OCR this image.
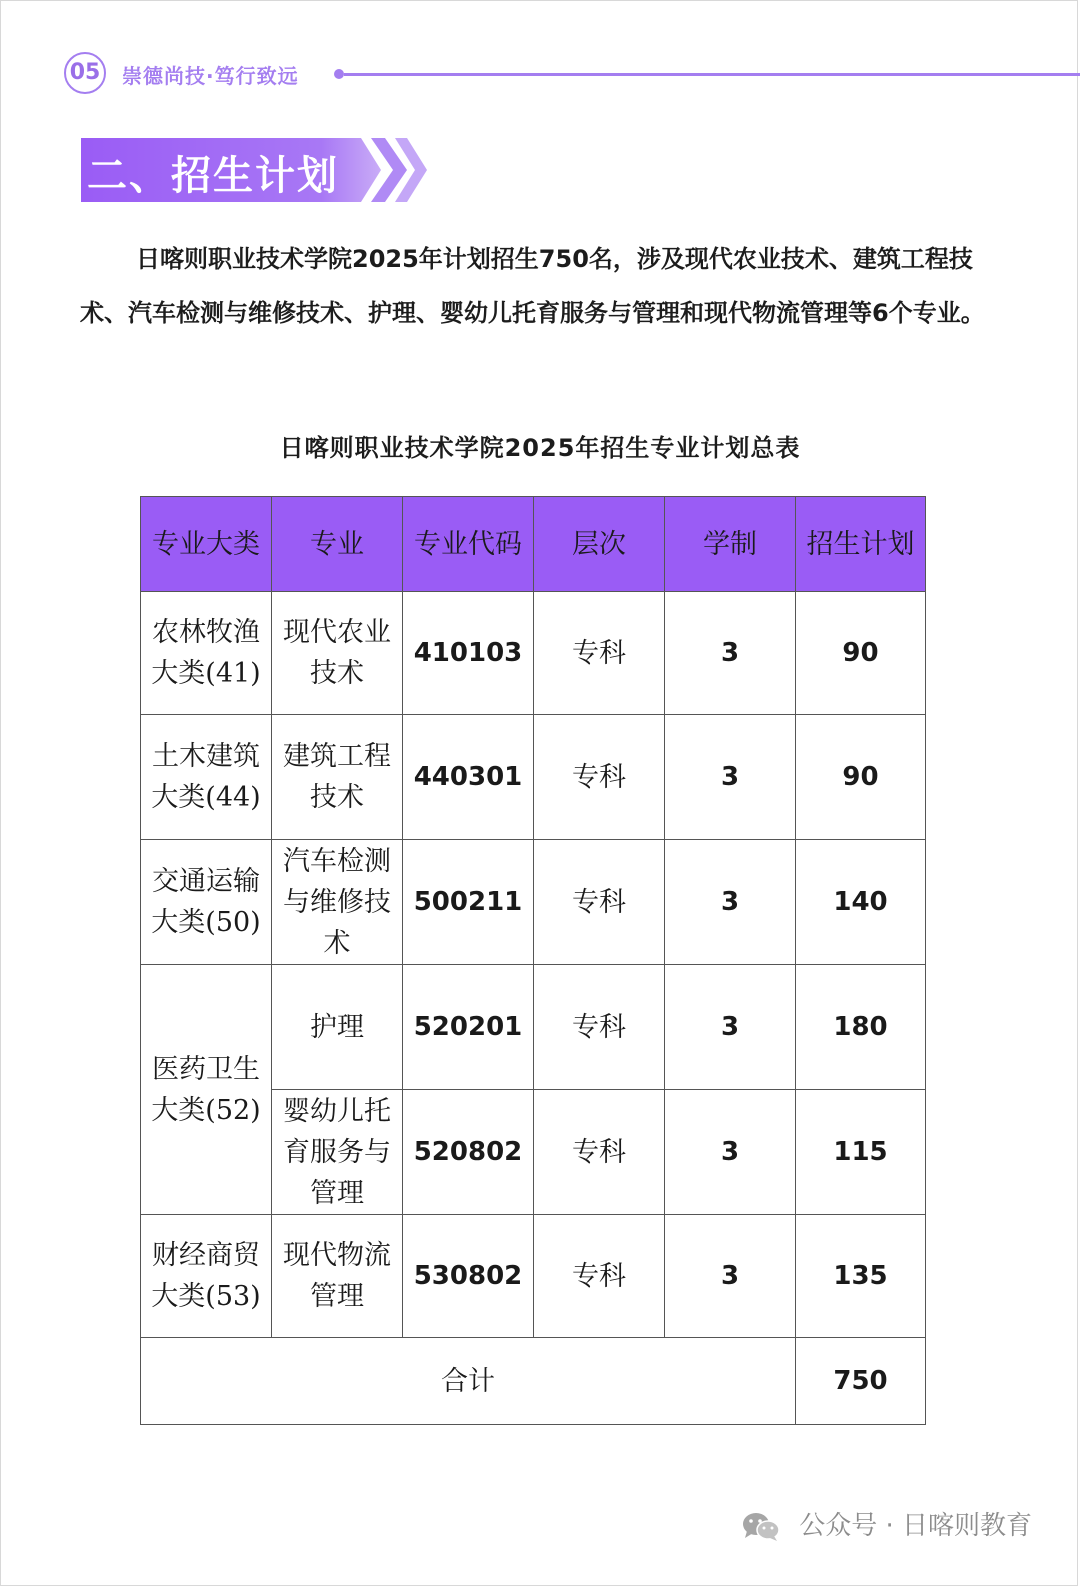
05 崇德尚技·笃行致远
二、招生计划
日喀则职业技术学院2025年计划招生750名，涉及现代农业技术、建筑工程技术、汽车检测与维修技术、护理、婴幼儿托育服务与管理和现代物流管理等6个专业。
日喀则职业技术学院2025年招生专业计划总表
专业大类	专业	专业代码	层次	学制	招生计划
农林牧渔大类(41)	现代农业技术	410103	专科	3	90
土木建筑大类(44)	建筑工程技术	440301	专科	3	90
交通运输大类(50)	汽车检测与维修技术	500211	专科	3	140
医药卫生大类(52)	护理	520201	专科	3	180
	婴幼儿托育服务与管理	520802	专科	3	115
财经商贸大类(53)	现代物流管理	530802	专科	3	135
合计					750
公众号 · 日喀则教育
